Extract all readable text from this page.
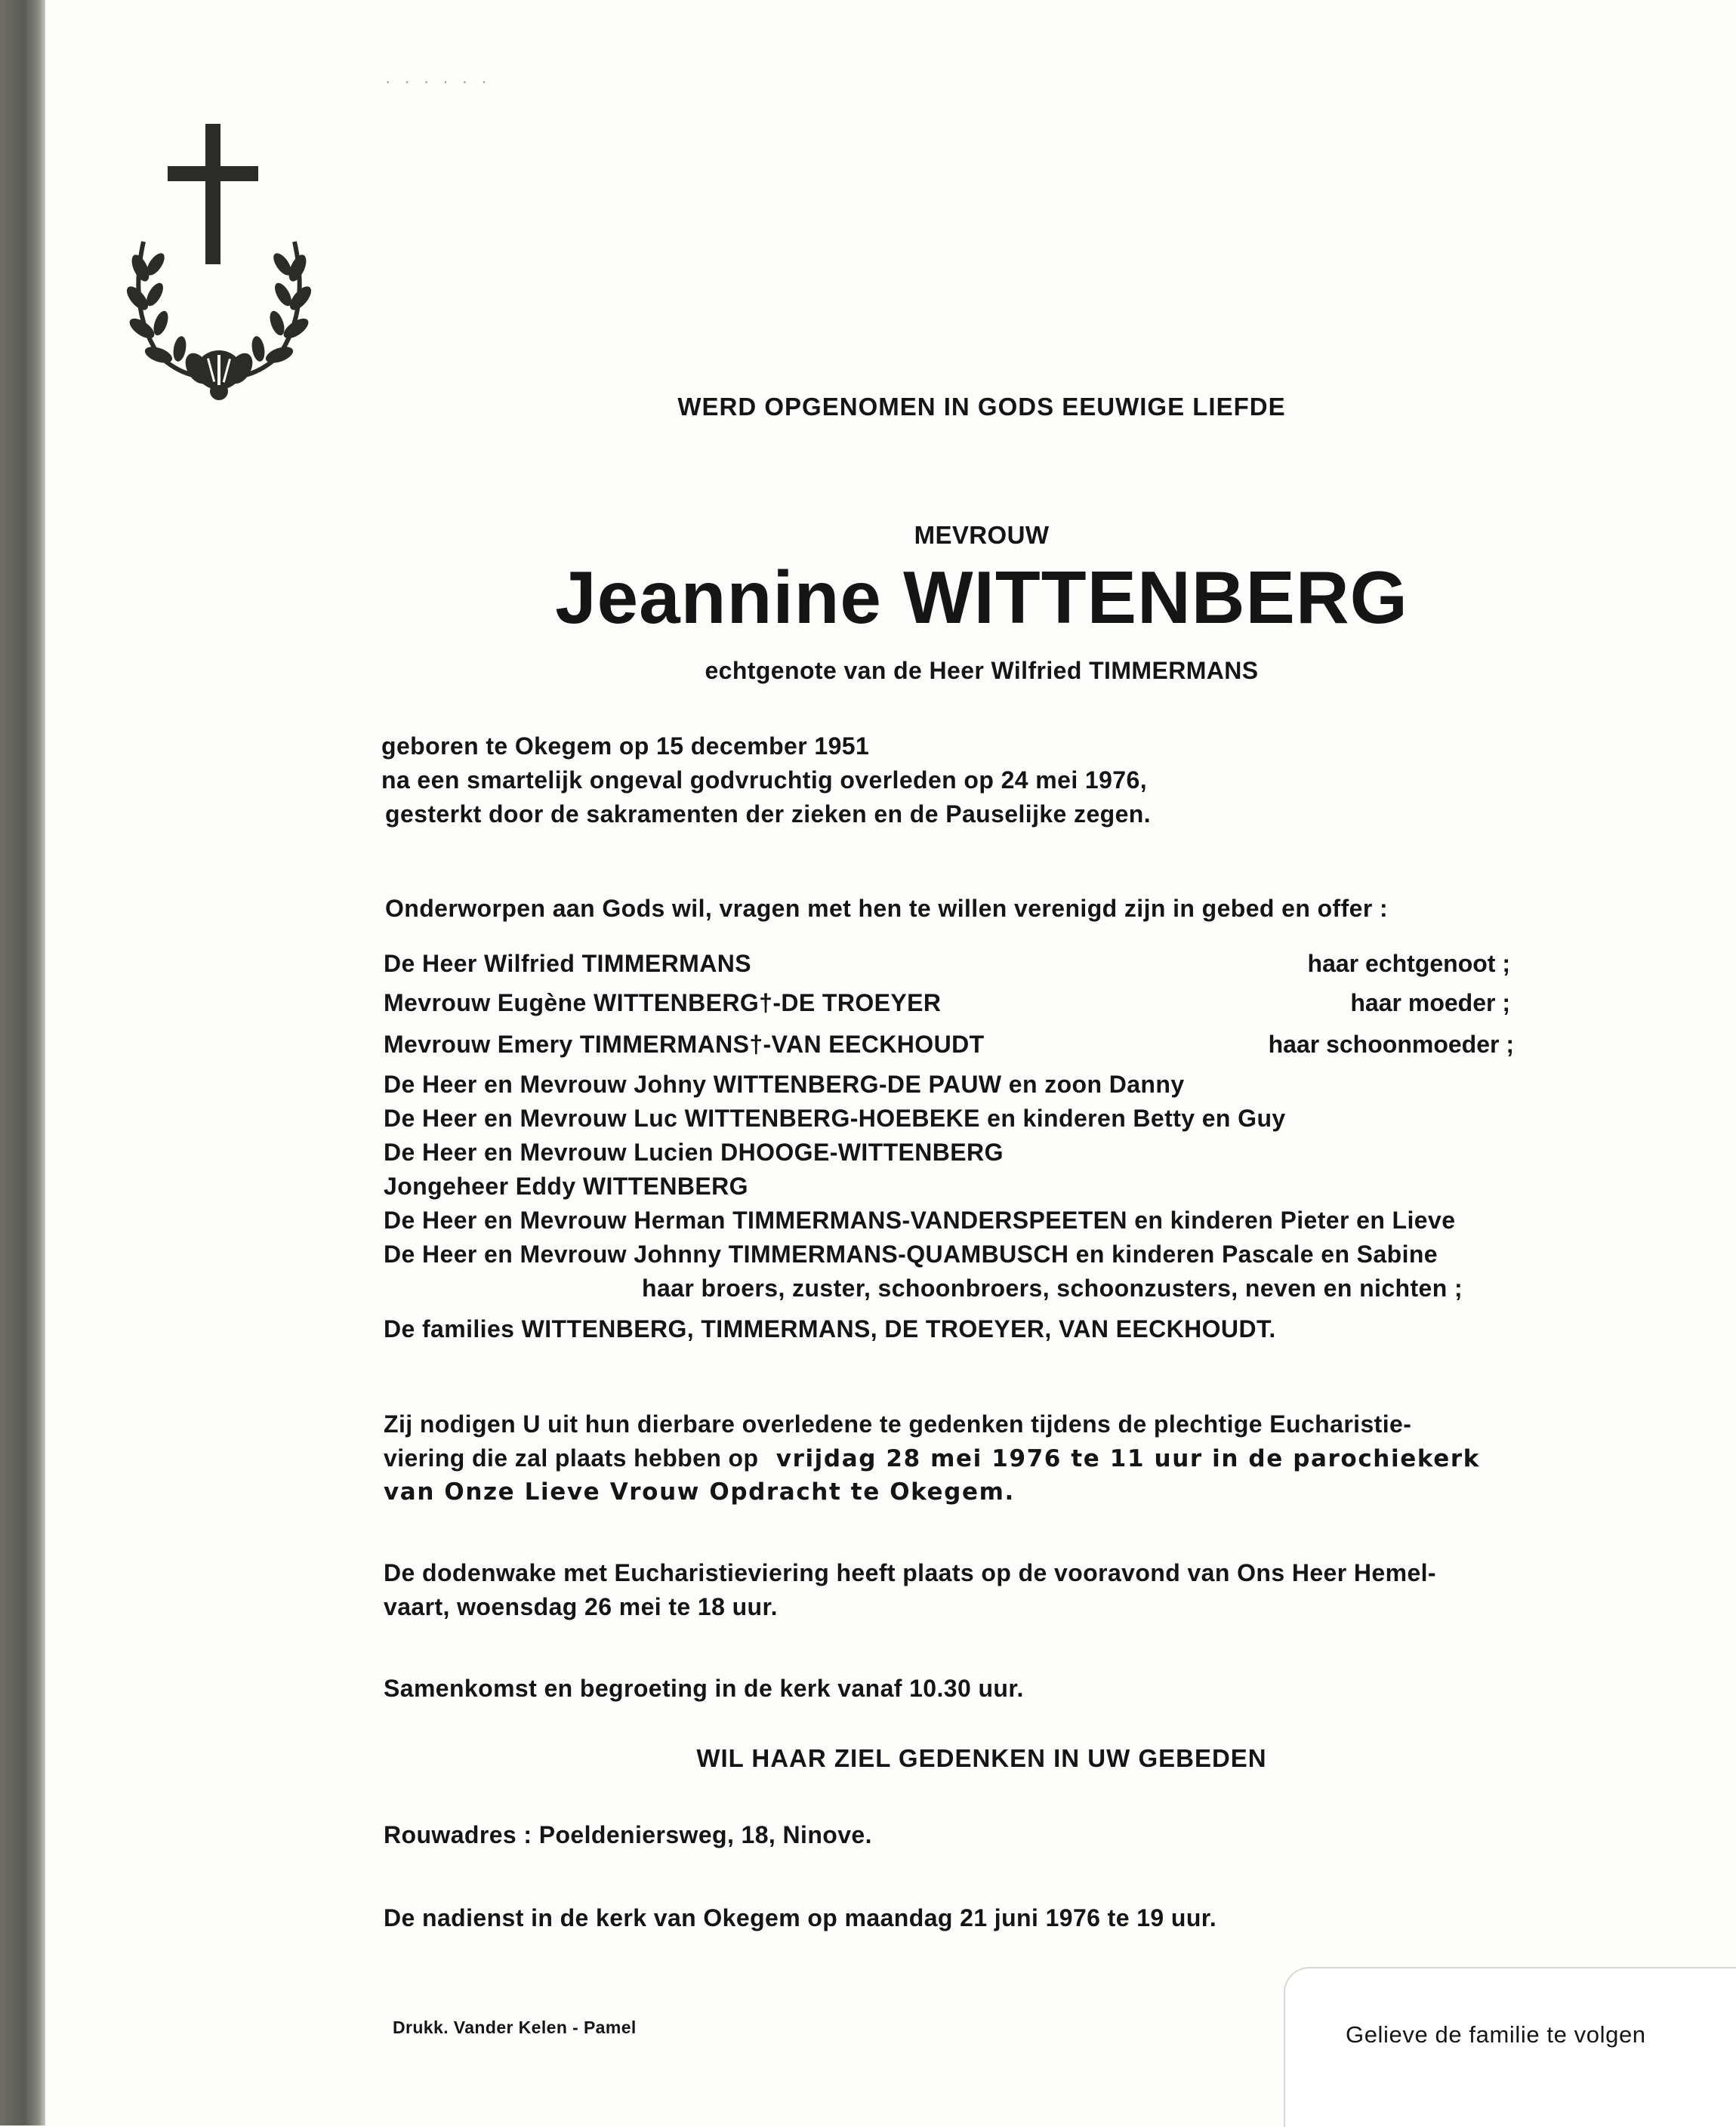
· · · · · ·
WERD OPGENOMEN IN GODS EEUWIGE LIEFDE
MEVROUW
Jeannine WITTENBERG
echtgenote van de Heer Wilfried TIMMERMANS
geboren te Okegem op 15 december 1951
na een smartelijk ongeval godvruchtig overleden op 24 mei 1976,
gesterkt door de sakramenten der zieken en de Pauselijke zegen.
Onderworpen aan Gods wil, vragen met hen te willen verenigd zijn in gebed en offer :
De Heer Wilfried TIMMERMANS	haar echtgenoot ;
Mevrouw Eugène WITTENBERG†-DE TROEYER	haar moeder ;
Mevrouw Emery TIMMERMANS†-VAN EECKHOUDT	haar schoonmoeder ;
De Heer en Mevrouw Johny WITTENBERG-DE PAUW en zoon Danny
De Heer en Mevrouw Luc WITTENBERG-HOEBEKE en kinderen Betty en Guy
De Heer en Mevrouw Lucien DHOOGE-WITTENBERG
Jongeheer Eddy WITTENBERG
De Heer en Mevrouw Herman TIMMERMANS-VANDERSPEETEN en kinderen Pieter en Lieve
De Heer en Mevrouw Johnny TIMMERMANS-QUAMBUSCH en kinderen Pascale en Sabine
haar broers, zuster, schoonbroers, schoonzusters, neven en nichten ;
De families WITTENBERG, TIMMERMANS, DE TROEYER, VAN EECKHOUDT.
Zij nodigen U uit hun dierbare overledene te gedenken tijdens de plechtige Eucharistie-
viering die zal plaats hebben op vrijdag 28 mei 1976 te 11 uur in de parochiekerk
van Onze Lieve Vrouw Opdracht te Okegem.
De dodenwake met Eucharistieviering heeft plaats op de vooravond van Ons Heer Hemel-
vaart, woensdag 26 mei te 18 uur.
Samenkomst en begroeting in de kerk vanaf 10.30 uur.
WIL HAAR ZIEL GEDENKEN IN UW GEBEDEN
Rouwadres : Poeldeniersweg, 18, Ninove.
De nadienst in de kerk van Okegem op maandag 21 juni 1976 te 19 uur.
Drukk. Vander Kelen - Pamel	Gelieve de familie te volgen
